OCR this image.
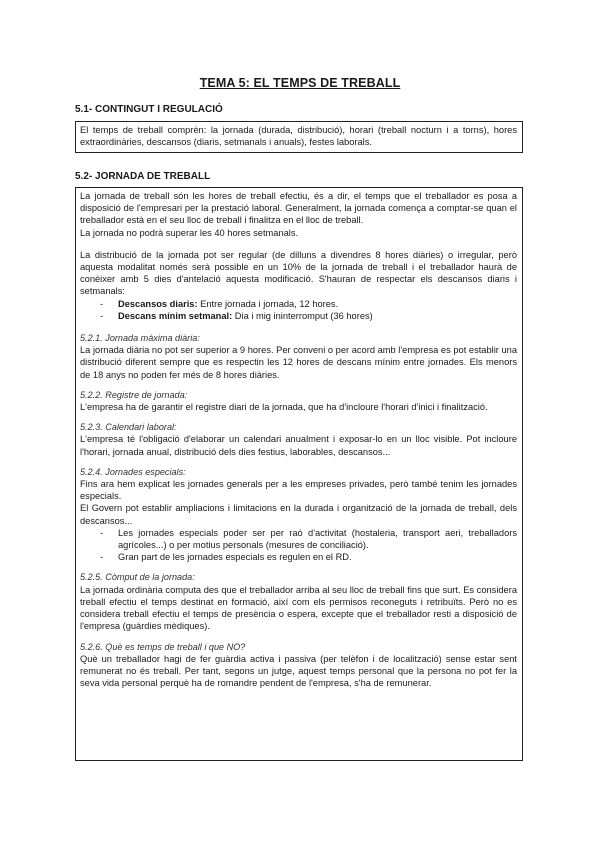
TEMA 5: EL TEMPS DE TREBALL
5.1- CONTINGUT I REGULACIÓ

El temps de treball comprèn: la jornada (durada, distribució), horari (treball nocturn i a torns), hores extraordinàries, descansos (diaris, setmanals i anuals), festes laborals.

5.2- JORNADA DE TREBALL

La jornada de treball són les hores de treball efectiu, és a dir, el temps que el treballador es posa a disposició de l'empresari per la prestació laboral. Generalment, la jornada comença a comptar-se quan el treballador està en el seu lloc de treball i finalitza en el lloc de treball.

La jornada no podrà superar les 40 hores setmanals.

La distribució de la jornada pot ser regular (de dilluns a divendres 8 hores diàries) o irregular, però aquesta modalitat només serà possible en un 10% de la jornada de treball i el treballador haurà de conèixer amb 5 dies d'antelació aquesta modificació. S'hauran de respectar els descansos diaris i setmanals:

- Descansos diaris: Entre jornada i jornada, 12 hores.
- Descans mínim setmanal: Dia i mig ininterromput (36 hores)

5.2.1. Jornada màxima diària:

La jornada diària no pot ser superior a 9 hores. Per conveni o per acord amb l'empresa es pot establir una distribució diferent sempre que es respectin les 12 hores de descans mínim entre jornades. Els menors de 18 anys no poden fer més de 8 hores diàries.

5.2.2. Registre de jornada:

L'empresa ha de garantir el registre diari de la jornada, que ha d'incloure l'horari d'inici i finalització.

5.2.3. Calendari laboral:

L'empresa té l'obligació d'elaborar un calendari anualment i exposar-lo en un lloc visible. Pot incloure l'horari, jornada anual, distribució dels dies festius, laborables, descansos...

5.2.4. Jornades especials:

Fins ara hem explicat les jornades generals per a les empreses privades, però també tenim les jornades especials.

El Govern pot establir ampliacions i limitacions en la durada i organització de la jornada de treball, dels descansos...

- Les jornades especials poder ser per raó d'activitat (hostaleria, transport aeri, treballadors agrícoles...) o per motius personals (mesures de conciliació).
- Gran part de les jornades especials es regulen en el RD.

5.2.5. Còmput de la jornada:

La jornada ordinària computa des que el treballador arriba al seu lloc de treball fins que surt. Es considera treball efectiu el temps destinat en formació, així com els permisos reconeguts i retribuïts. Però no es considera treball efectiu el temps de presència o espera, excepte que el treballador resti a disposició de l'empresa (guàrdies mèdiques).

5.2.6. Què es temps de treball i que NO?

Què un treballador hagi de fer guàrdia activa i passiva (per telèfon i de localització) sense estar sent remunerat no és treball. Per tant, segons un jutge, aquest temps personal que la persona no pot fer la seva vida personal perquè ha de romandre pendent de l'empresa, s'ha de remunerar.
